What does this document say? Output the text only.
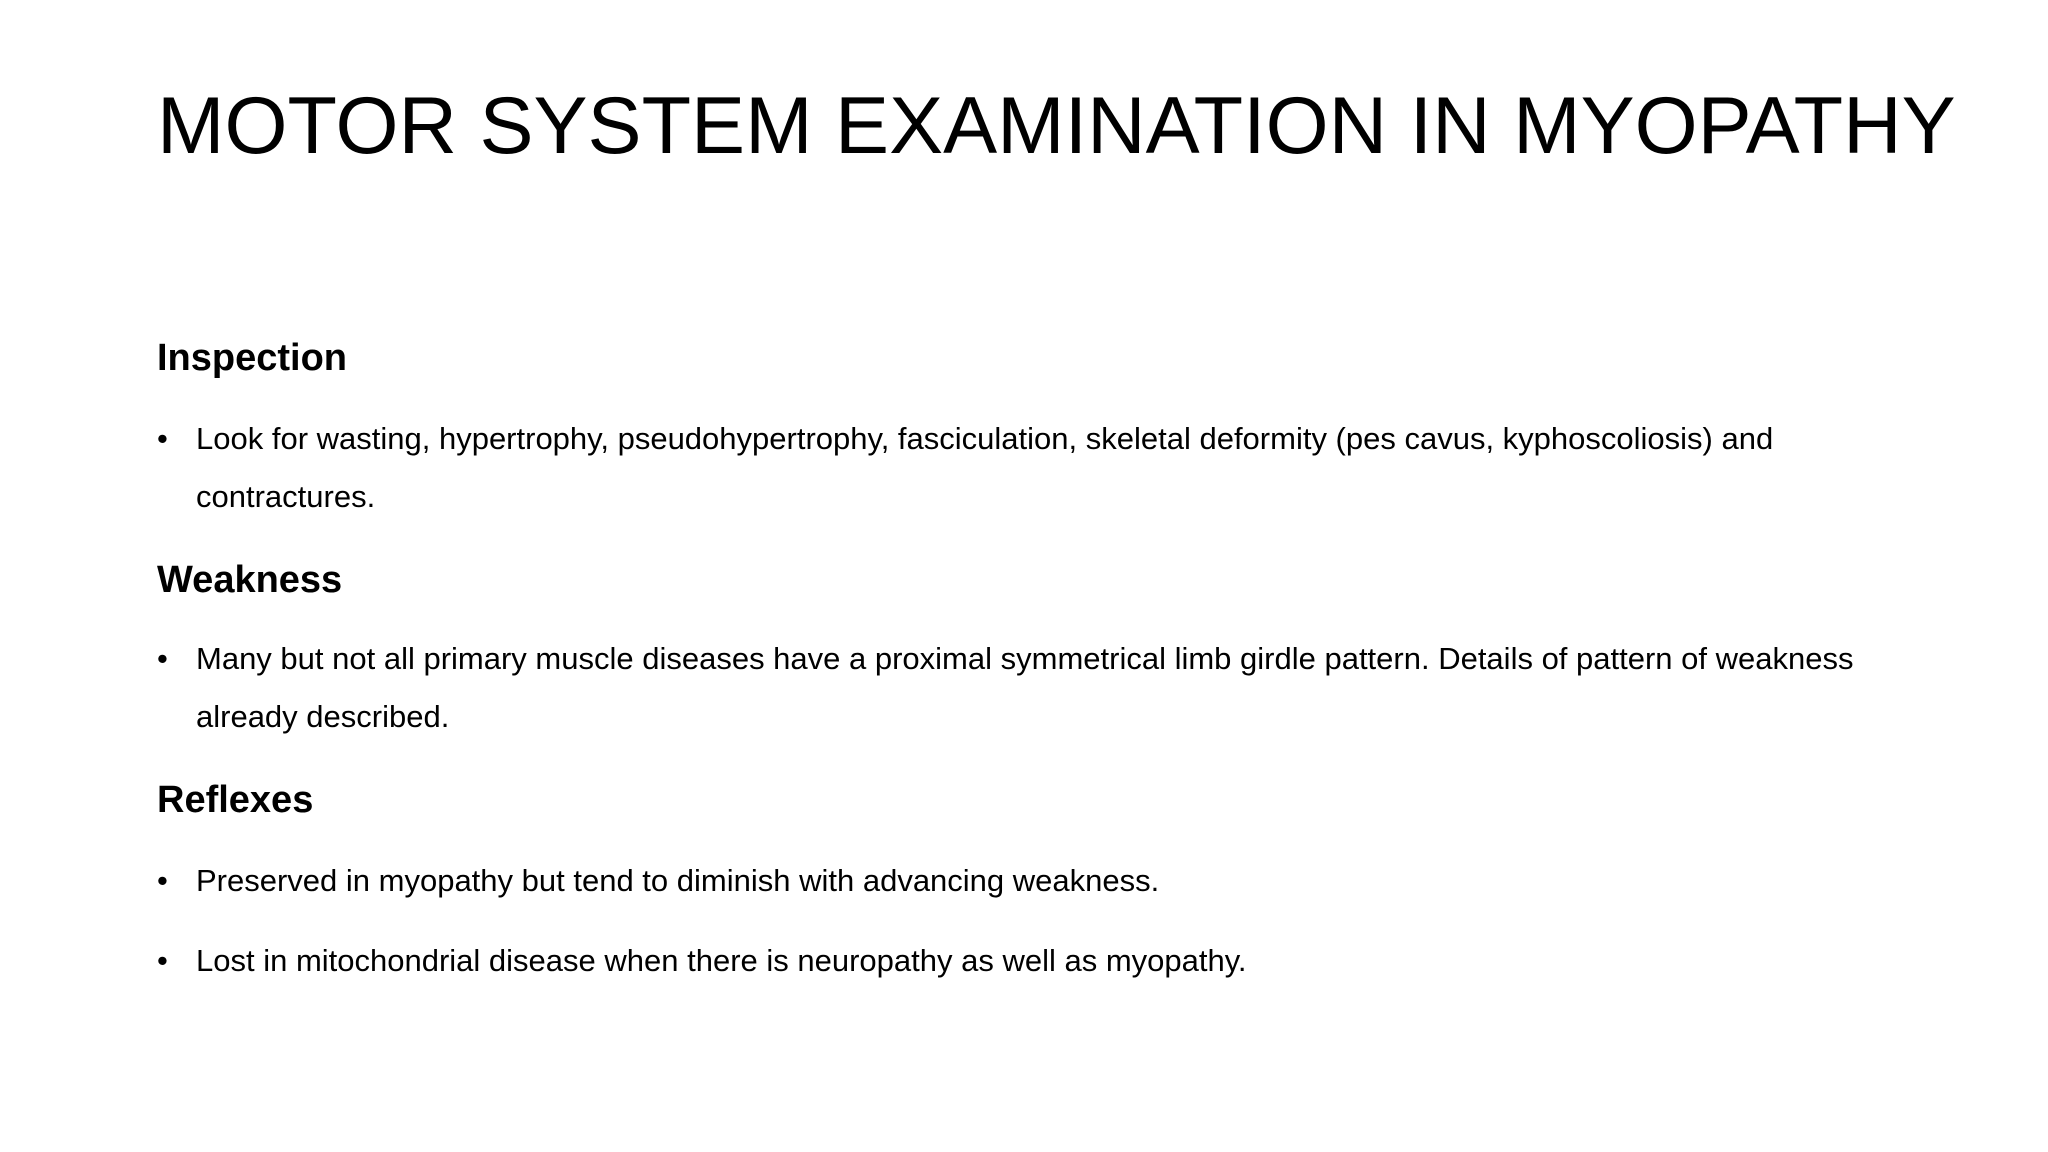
MOTOR SYSTEM EXAMINATION IN MYOPATHY
Inspection
• Look for wasting, hypertrophy, pseudohypertrophy, fasciculation, skeletal deformity (pes cavus, kyphoscoliosis) and contractures.
Weakness
• Many but not all primary muscle diseases have a proximal symmetrical limb girdle pattern. Details of pattern of weakness already described.
Reflexes
• Preserved in myopathy but tend to diminish with advancing weakness.
• Lost in mitochondrial disease when there is neuropathy as well as myopathy.
